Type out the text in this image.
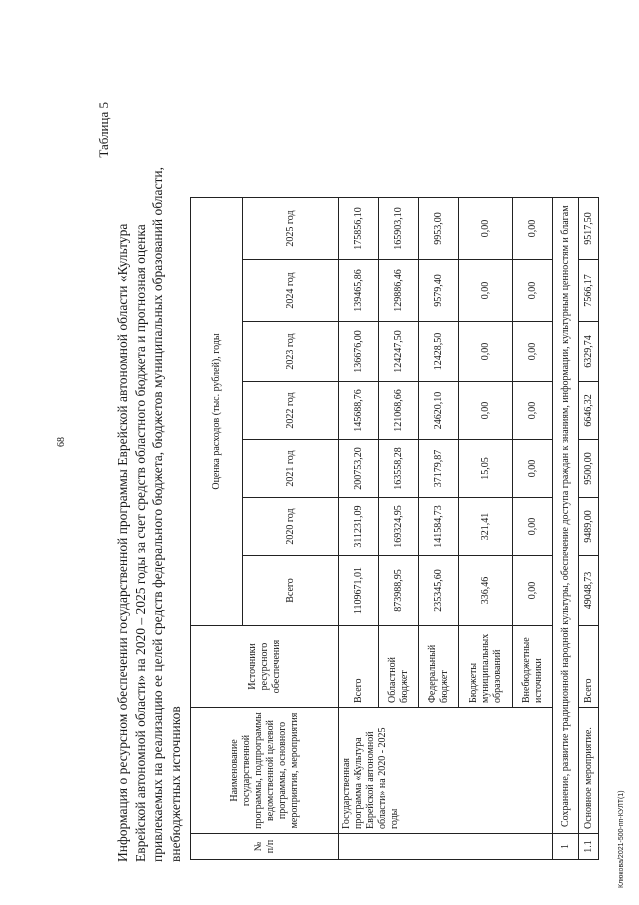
68
Клюкова/2021-500-пп-КУЛТ(1)
Таблица 5
Информация о ресурсном обеспечении государственной программы Еврейской автономной области «Культура Еврейской автономной области» на 2020 – 2025 годы за счет средств областного бюджета и прогнозная оценка привлекаемых на реализацию ее целей средств федерального бюджета, бюджетов муниципальных образований области, внебюджетных источников	№ п/п	Наименование государственной программы, подпрограммы ведомственной целевой программы, основного мероприятия, мероприятия	Источники ресурсного обеспечения	Оценка расходов (тыс. рублей), годы						
			Всего	2020 год	2021 год	2022 год	2023 год	2024 год	2025 год
	Государственная программа «Культура Еврейской автономной области» на 2020 - 2025 годы	Всего	1109671,01	311231,09	200753,20	145688,76	136676,00	139465,86	175856,10
		Областной бюджет	873988,95	169324,95	163558,28	121068,66	124247,50	129886,46	165903,10
		Федеральный бюджет	235345,60	141584,73	37179,87	24620,10	12428,50	9579,40	9953,00
		Бюджеты муниципальных образований	336,46	321,41	15,05	0,00	0,00	0,00	0,00
		Внебюджетные источники	0,00	0,00	0,00	0,00	0,00	0,00	0,00
1	Сохранение, развитие традиционной народной культуры, обеспечение доступа граждан к знаниям, информации, культурным ценностям и благам								
1.1	Основное мероприятие.	Всего	49048,73	9489,00	9500,00	6646,32	6329,74	7566,17	9517,50
